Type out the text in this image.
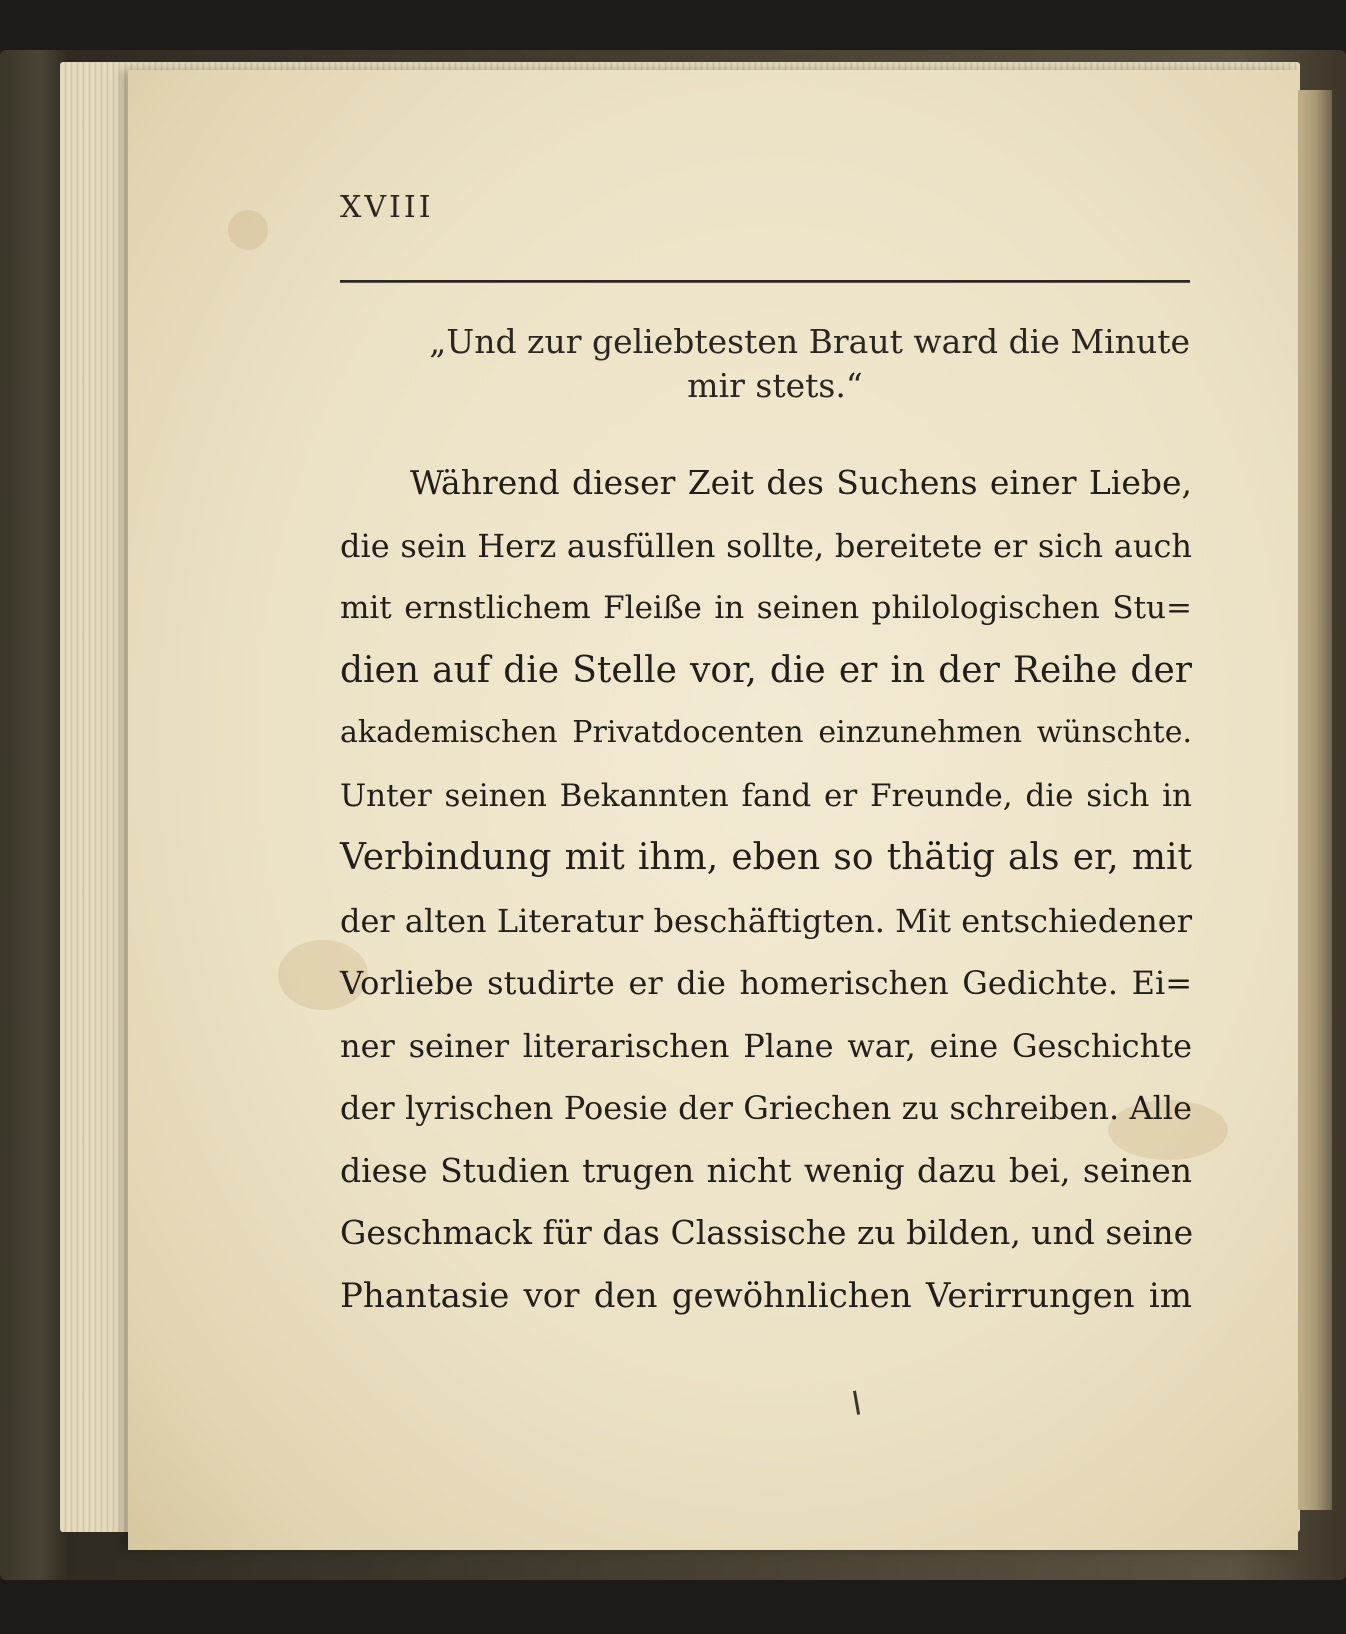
XVIII

„Und zur geliebtesten Braut ward die Minute
mir stets.“

Während dieser Zeit des Suchens einer Liebe,
die sein Herz ausfüllen sollte, bereitete er sich auch
mit ernstlichem Fleiße in seinen philologischen Stu=
dien auf die Stelle vor, die er in der Reihe der
akademischen Privatdocenten einzunehmen wünschte.
Unter seinen Bekannten fand er Freunde, die sich in
Verbindung mit ihm, eben so thätig als er, mit
der alten Literatur beschäftigten. Mit entschiedener
Vorliebe studirte er die homerischen Gedichte. Ei=
ner seiner literarischen Plane war, eine Geschichte
der lyrischen Poesie der Griechen zu schreiben. Alle
diese Studien trugen nicht wenig dazu bei, seinen
Geschmack für das Classische zu bilden, und seine
Phantasie vor den gewöhnlichen Verirrungen im
